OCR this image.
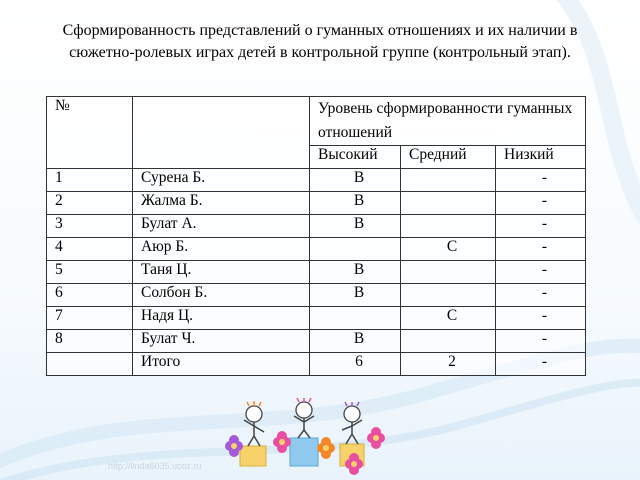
Сформированность представлений о гуманных отношениях и их наличии в сюжетно-ролевых играх детей в контрольной группе (контрольный этап).
№		Уровень сформированности гуманных отношений		
		Высокий	Средний	Низкий
1	Сурена Б.	В		-
2	Жалма Б.	В		-
3	Булат А.	В		-
4	Аюр Б.		С	-
5	Таня Ц.	В		-
6	Солбон Б.	В		-
7	Надя Ц.		С	-
8	Булат Ч.	В		-
	Итого	6	2	-
http://linda6035.ucoz.ru
